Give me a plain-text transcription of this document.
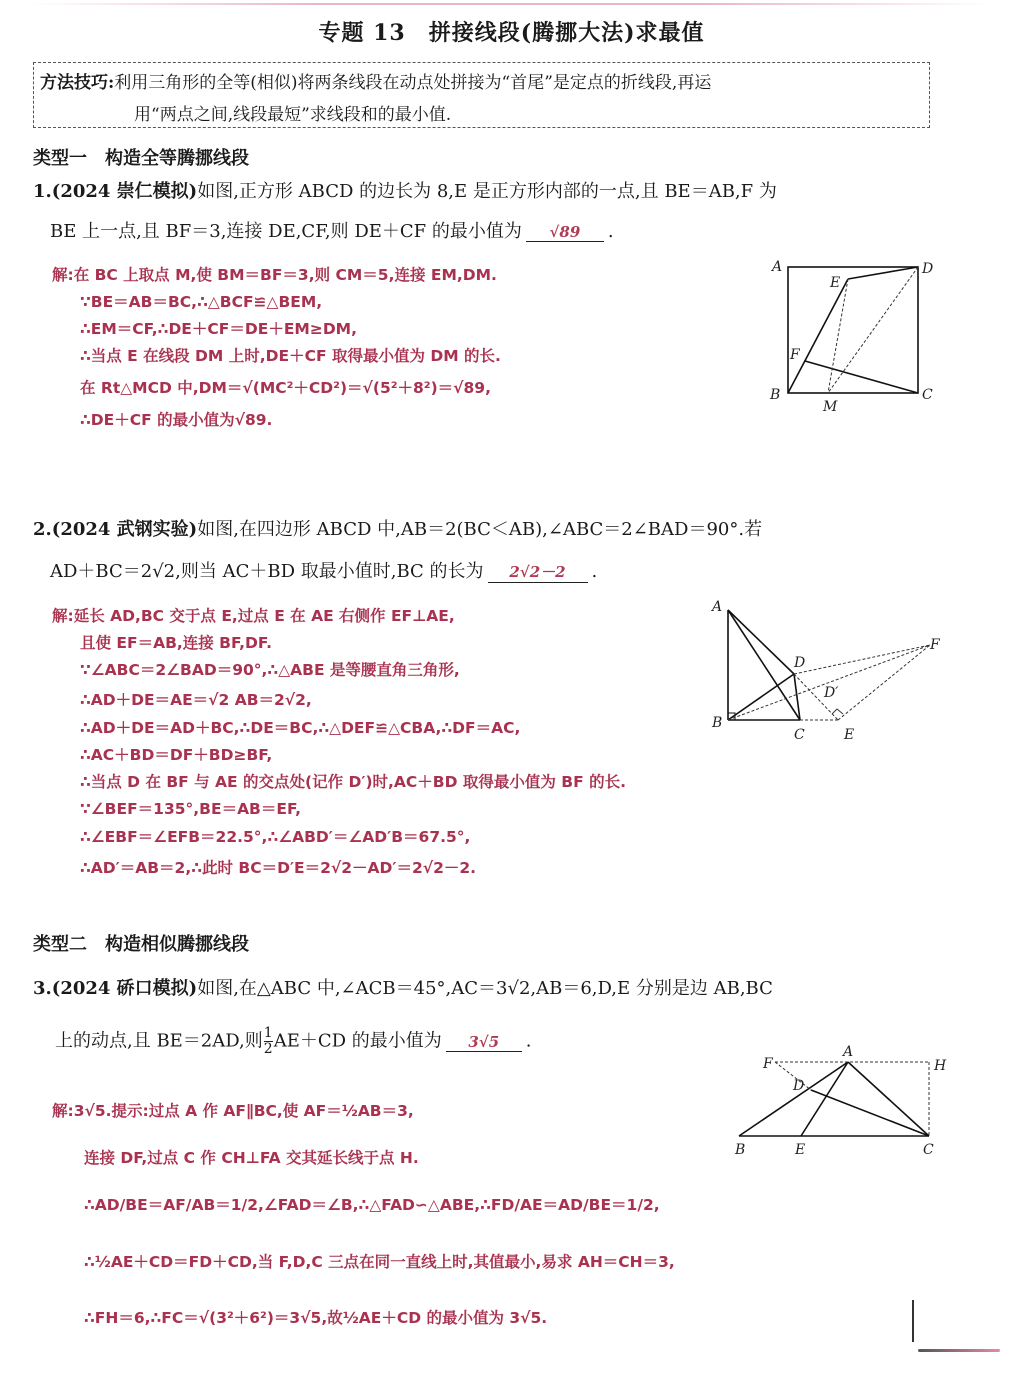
专题 13　拼接线段(腾挪大法)求最值
方法技巧:利用三角形的全等(相似)将两条线段在动点处拼接为“首尾”是定点的折线段,再运
用“两点之间,线段最短”求线段和的最小值.
类型一　构造全等腾挪线段
1.(2024 崇仁模拟)如图,正方形 ABCD 的边长为 8,E 是正方形内部的一点,且 BE＝AB,F 为
BE 上一点,且 BF＝3,连接 DE,CF,则 DE＋CF 的最小值为 √89 .
解:在 BC 上取点 M,使 BM＝BF＝3,则 CM＝5,连接 EM,DM.
∵BE＝AB＝BC,∴△BCF≌△BEM,
∴EM＝CF,∴DE＋CF＝DE＋EM≥DM,
∴当点 E 在线段 DM 上时,DE＋CF 取得最小值为 DM 的长.
在 Rt△MCD 中,DM＝√(MC²＋CD²)＝√(5²＋8²)＝√89,
∴DE＋CF 的最小值为√89.
A	D
E
F
B
M
C
2.(2024 武钢实验)如图,在四边形 ABCD 中,AB＝2(BC＜AB),∠ABC＝2∠BAD＝90°.若
AD＋BC＝2√2,则当 AC＋BD 取最小值时,BC 的长为 2√2－2 .
解:延长 AD,BC 交于点 E,过点 E 在 AE 右侧作 EF⊥AE,
且使 EF＝AB,连接 BF,DF.
∵∠ABC＝2∠BAD＝90°,∴△ABE 是等腰直角三角形,
∴AD＋DE＝AE＝√2 AB＝2√2,
∴AD＋DE＝AD＋BC,∴DE＝BC,∴△DEF≌△CBA,∴DF＝AC,
∴AC＋BD＝DF＋BD≥BF,
∴当点 D 在 BF 与 AE 的交点处(记作 D′)时,AC＋BD 取得最小值为 BF 的长.
∵∠BEF＝135°,BE＝AB＝EF,
∴∠EBF＝∠EFB＝22.5°,∴∠ABD′＝∠AD′B＝67.5°,
∴AD′＝AB＝2,∴此时 BC＝D′E＝2√2－AD′＝2√2－2.
A
F
D
D′
B
C	E
类型二　构造相似腾挪线段
3.(2024 硚口模拟)如图,在△ABC 中,∠ACB＝45°,AC＝3√2,AB＝6,D,E 分别是边 AB,BC
上的动点,且 BE＝2AD,则 $\frac{1}{2} AE+CD$ 的最小值为 3√5 .
解:3√5.提示:过点 A 作 AF∥BC,使 AF＝½AB＝3,
连接 DF,过点 C 作 CH⊥FA 交其延长线于点 H.
∴AD/BE＝AF/AB＝1/2,∠FAD＝∠B,∴△FAD∽△ABE,∴FD/AE＝AD/BE＝1/2,
∴½AE＋CD＝FD＋CD,当 F,D,C 三点在同一直线上时,其值最小,易求 AH＝CH＝3,
∴FH＝6,∴FC＝√(3²＋6²)＝3√5,故½AE＋CD 的最小值为 3√5.
F
A
H
D
B	E	C
